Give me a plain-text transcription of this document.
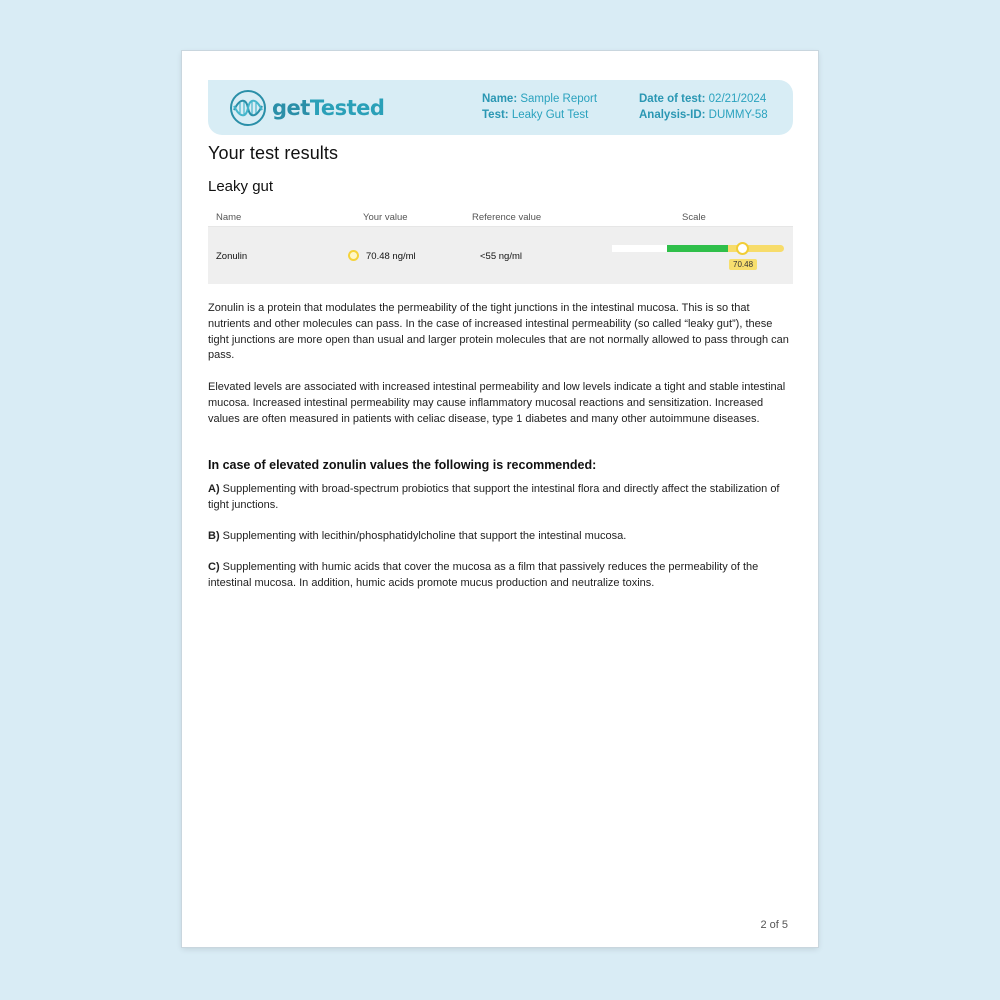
getTested	Name: Sample Report
Test: Leaky Gut Test
Date of test: 02/21/2024
Analysis-ID: DUMMY-58
Your test results
Leaky gut
Name	Your value	Reference value	Scale
Zonulin	70.48 ng/ml	<55 ng/ml
70.48

Zonulin is a protein that modulates the permeability of the tight junctions in the intestinal mucosa. This is so that nutrients and other molecules can pass. In the case of increased intestinal permeability (so called “leaky gut”), these tight junctions are more open than usual and larger protein molecules that are not normally allowed to pass through can pass.

Elevated levels are associated with increased intestinal permeability and low levels indicate a tight and stable intestinal mucosa. Increased intestinal permeability may cause inflammatory mucosal reactions and sensitization. Increased values are often measured in patients with celiac disease, type 1 diabetes and many other autoimmune diseases.

In case of elevated zonulin values the following is recommended:

A) Supplementing with broad-spectrum probiotics that support the intestinal flora and directly affect the stabilization of tight junctions.

B) Supplementing with lecithin/phosphatidylcholine that support the intestinal mucosa.

C) Supplementing with humic acids that cover the mucosa as a film that passively reduces the permeability of the intestinal mucosa. In addition, humic acids promote mucus production and neutralize toxins.

2 of 5
